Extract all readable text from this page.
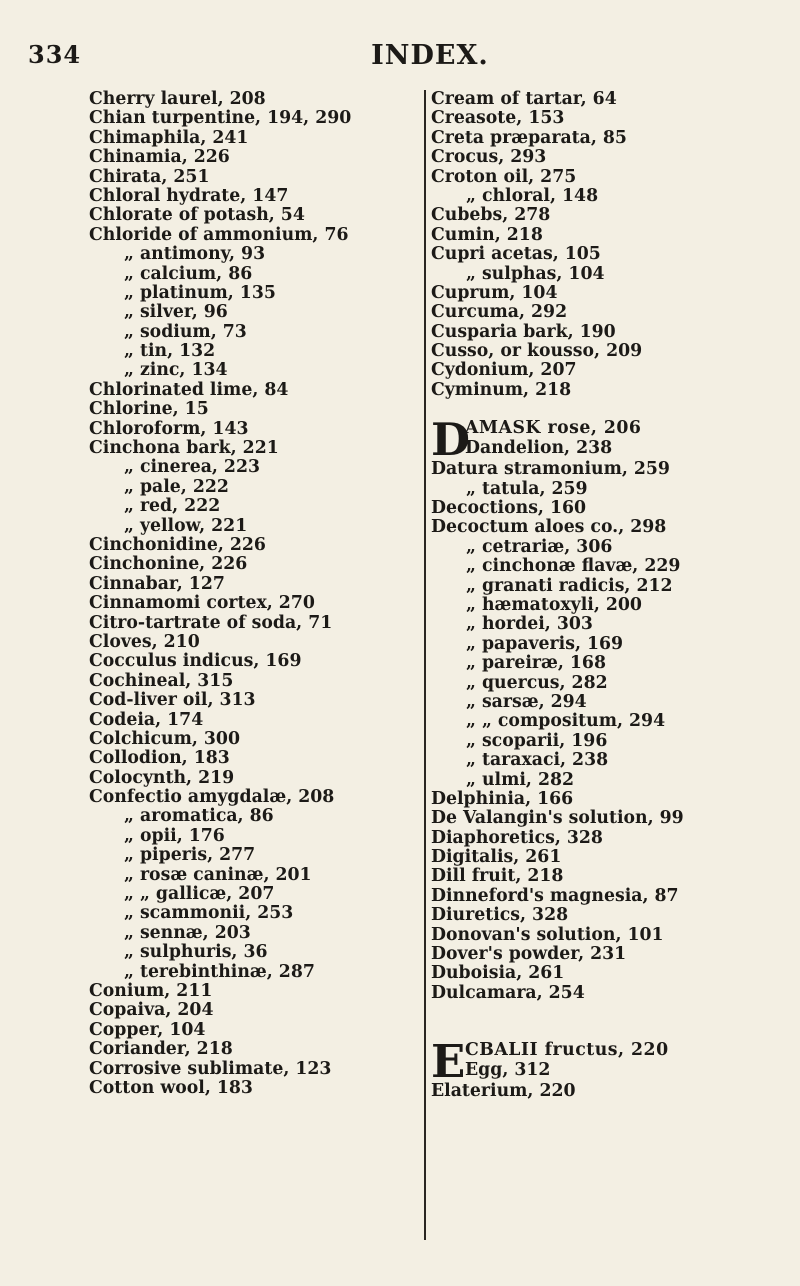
334	INDEX.
Cherry laurel, 208
Chian turpentine, 194, 290
Chimaphila, 241
Chinamia, 226
Chirata, 251
Chloral hydrate, 147
Chlorate of potash, 54
Chloride of ammonium, 76
„ antimony, 93
„ calcium, 86
„ platinum, 135
„ silver, 96
„ sodium, 73
„ tin, 132
„ zinc, 134
Chlorinated lime, 84
Chlorine, 15
Chloroform, 143
Cinchona bark, 221
„ cinerea, 223
„ pale, 222
„ red, 222
„ yellow, 221
Cinchonidine, 226
Cinchonine, 226
Cinnabar, 127
Cinnamomi cortex, 270
Citro-tartrate of soda, 71
Cloves, 210
Cocculus indicus, 169
Cochineal, 315
Cod-liver oil, 313
Codeia, 174
Colchicum, 300
Collodion, 183
Colocynth, 219
Confectio amygdalæ, 208
„ aromatica, 86
„ opii, 176
„ piperis, 277
„ rosæ caninæ, 201
„ „ gallicæ, 207
„ scammonii, 253
„ sennæ, 203
„ sulphuris, 36
„ terebinthinæ, 287
Conium, 211
Copaiva, 204
Copper, 104
Coriander, 218
Corrosive sublimate, 123
Cotton wool, 183
Cream of tartar, 64
Creasote, 153
Creta præparata, 85
Crocus, 293
Croton oil, 275
„ chloral, 148
Cubebs, 278
Cumin, 218
Cupri acetas, 105
„ sulphas, 104
Cuprum, 104
Curcuma, 292
Cusparia bark, 190
Cusso, or kousso, 209
Cydonium, 207
Cyminum, 218
D
AMASK rose, 206
Dandelion, 238
Datura stramonium, 259
„ tatula, 259
Decoctions, 160
Decoctum aloes co., 298
„ cetrariæ, 306
„ cinchonæ flavæ, 229
„ granati radicis, 212
„ hæmatoxyli, 200
„ hordei, 303
„ papaveris, 169
„ pareiræ, 168
„ quercus, 282
„ sarsæ, 294
„ „ compositum, 294
„ scoparii, 196
„ taraxaci, 238
„ ulmi, 282
Delphinia, 166
De Valangin's solution, 99
Diaphoretics, 328
Digitalis, 261
Dill fruit, 218
Dinneford's magnesia, 87
Diuretics, 328
Donovan's solution, 101
Dover's powder, 231
Duboisia, 261
Dulcamara, 254
E CBALII fructus, 220
Egg, 312
Elaterium, 220
